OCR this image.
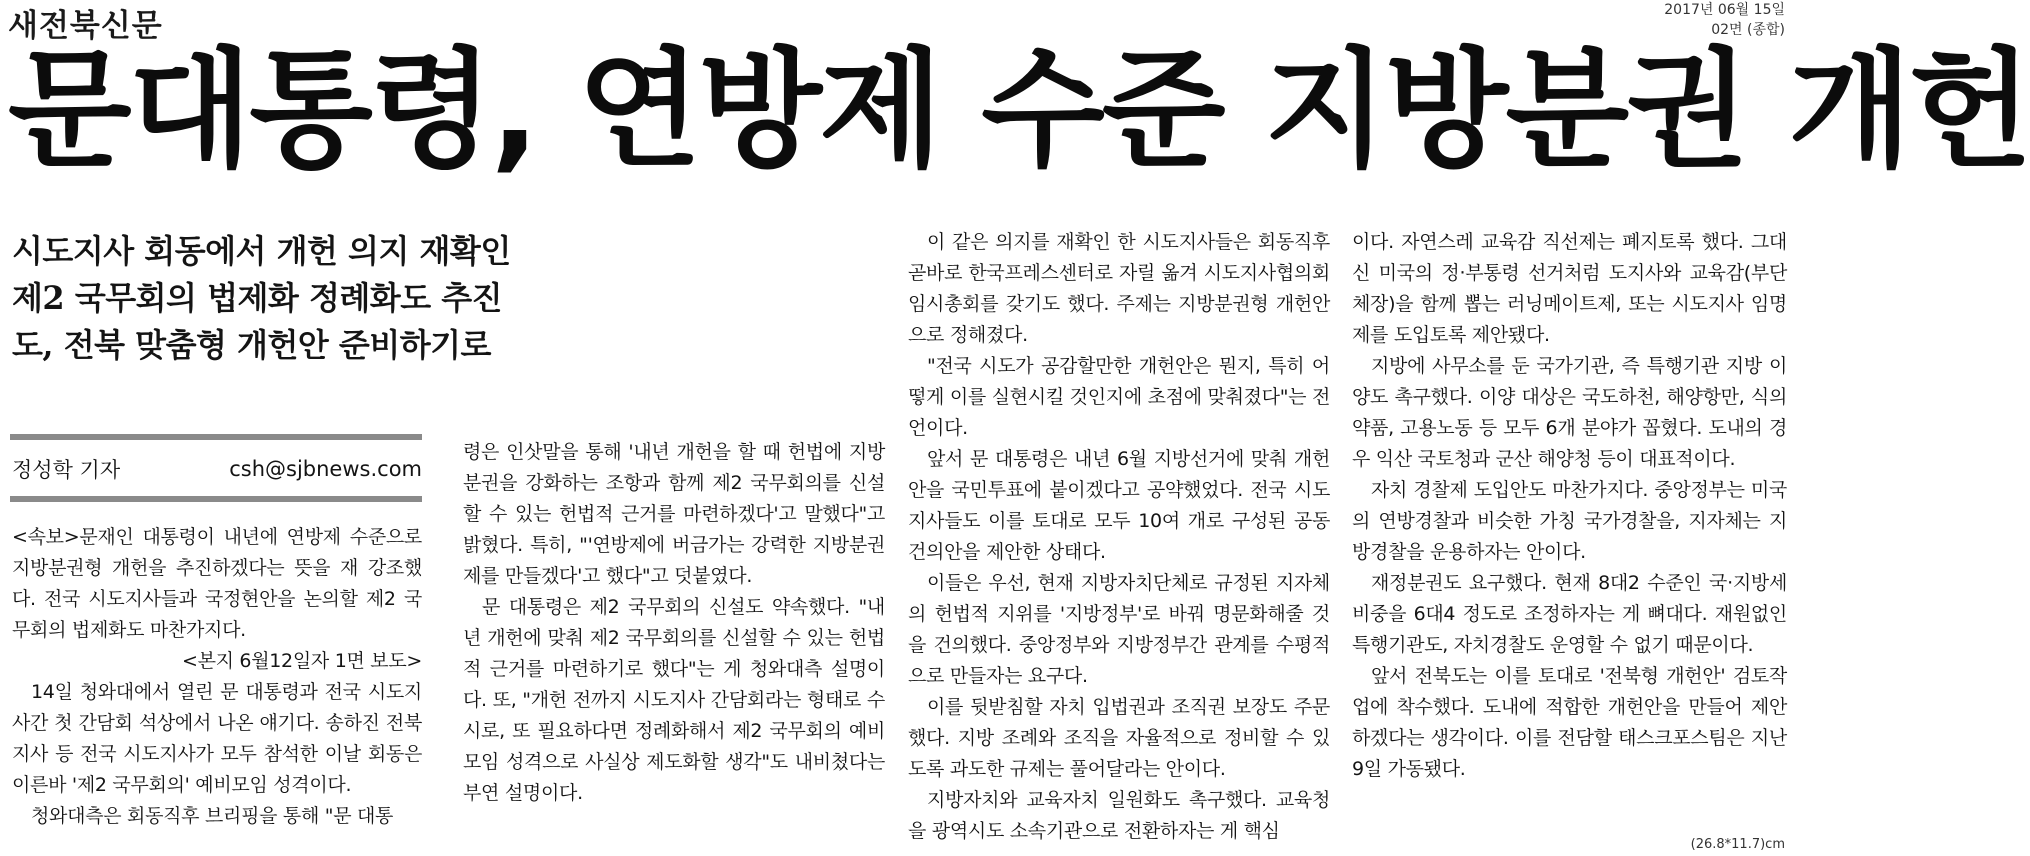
새전북신문	2017년 06월 15일
02면 (종합)
문대통령, 연방제 수준 지방분권 개헌
시도지사 회동에서 개헌 의지 재확인
제2 국무회의 법제화 정례화도 추진
도, 전북 맞춤형 개헌안 준비하기로
정성학 기자	csh@sjbnews.com

<속보>문재인 대통령이 내년에 연방제 수준으로 지방분권형 개헌을 추진하겠다는 뜻을 재 강조했다. 전국 시도지사들과 국정현안을 논의할 제2 국무회의 법제화도 마찬가지다.

<본지 6월12일자 1면 보도>

14일 청와대에서 열린 문 대통령과 전국 시도지사간 첫 간담회 석상에서 나온 얘기다. 송하진 전북지사 등 전국 시도지사가 모두 참석한 이날 회동은 이른바 '제2 국무회의' 예비모임 성격이다.

청와대측은 회동직후 브리핑을 통해 "문 대통

령은 인삿말을 통해 '내년 개헌을 할 때 헌법에 지방분권을 강화하는 조항과 함께 제2 국무회의를 신설할 수 있는 헌법적 근거를 마련하겠다'고 말했다"고 밝혔다. 특히, "'연방제에 버금가는 강력한 지방분권제를 만들겠다'고 했다"고 덧붙였다.

문 대통령은 제2 국무회의 신설도 약속했다. "내년 개헌에 맞춰 제2 국무회의를 신설할 수 있는 헌법적 근거를 마련하기로 했다"는 게 청와대측 설명이다. 또, "개헌 전까지 시도지사 간담회라는 형태로 수시로, 또 필요하다면 정례화해서 제2 국무회의 예비모임 성격으로 사실상 제도화할 생각"도 내비쳤다는 부연 설명이다.

이 같은 의지를 재확인 한 시도지사들은 회동직후 곧바로 한국프레스센터로 자릴 옮겨 시도지사협의회 임시총회를 갖기도 했다. 주제는 지방분권형 개헌안으로 정해졌다.

"전국 시도가 공감할만한 개헌안은 뭔지, 특히 어떻게 이를 실현시킬 것인지에 초점에 맞춰졌다"는 전언이다.

앞서 문 대통령은 내년 6월 지방선거에 맞춰 개헌안을 국민투표에 붙이겠다고 공약했었다. 전국 시도지사들도 이를 토대로 모두 10여 개로 구성된 공동 건의안을 제안한 상태다.

이들은 우선, 현재 지방자치단체로 규정된 지자체의 헌법적 지위를 '지방정부'로 바꿔 명문화해줄 것을 건의했다. 중앙정부와 지방정부간 관계를 수평적으로 만들자는 요구다.

이를 뒷받침할 자치 입법권과 조직권 보장도 주문했다. 지방 조례와 조직을 자율적으로 정비할 수 있도록 과도한 규제는 풀어달라는 안이다.

지방자치와 교육자치 일원화도 촉구했다. 교육청을 광역시도 소속기관으로 전환하자는 게 핵심

이다. 자연스레 교육감 직선제는 폐지토록 했다. 그대신 미국의 정·부통령 선거처럼 도지사와 교육감(부단체장)을 함께 뽑는 러닝메이트제, 또는 시도지사 임명제를 도입토록 제안됐다.

지방에 사무소를 둔 국가기관, 즉 특행기관 지방 이양도 촉구했다. 이양 대상은 국도하천, 해양항만, 식의약품, 고용노동 등 모두 6개 분야가 꼽혔다. 도내의 경우 익산 국토청과 군산 해양청 등이 대표적이다.

자치 경찰제 도입안도 마찬가지다. 중앙정부는 미국의 연방경찰과 비슷한 가칭 국가경찰을, 지자체는 지방경찰을 운용하자는 안이다.

재정분권도 요구했다. 현재 8대2 수준인 국·지방세 비중을 6대4 정도로 조정하자는 게 뼈대다. 재원없인 특행기관도, 자치경찰도 운영할 수 없기 때문이다.

앞서 전북도는 이를 토대로 '전북형 개헌안' 검토작업에 착수했다. 도내에 적합한 개헌안을 만들어 제안하겠다는 생각이다. 이를 전담할 태스크포스팀은 지난 9일 가동됐다.

(26.8*11.7)cm
